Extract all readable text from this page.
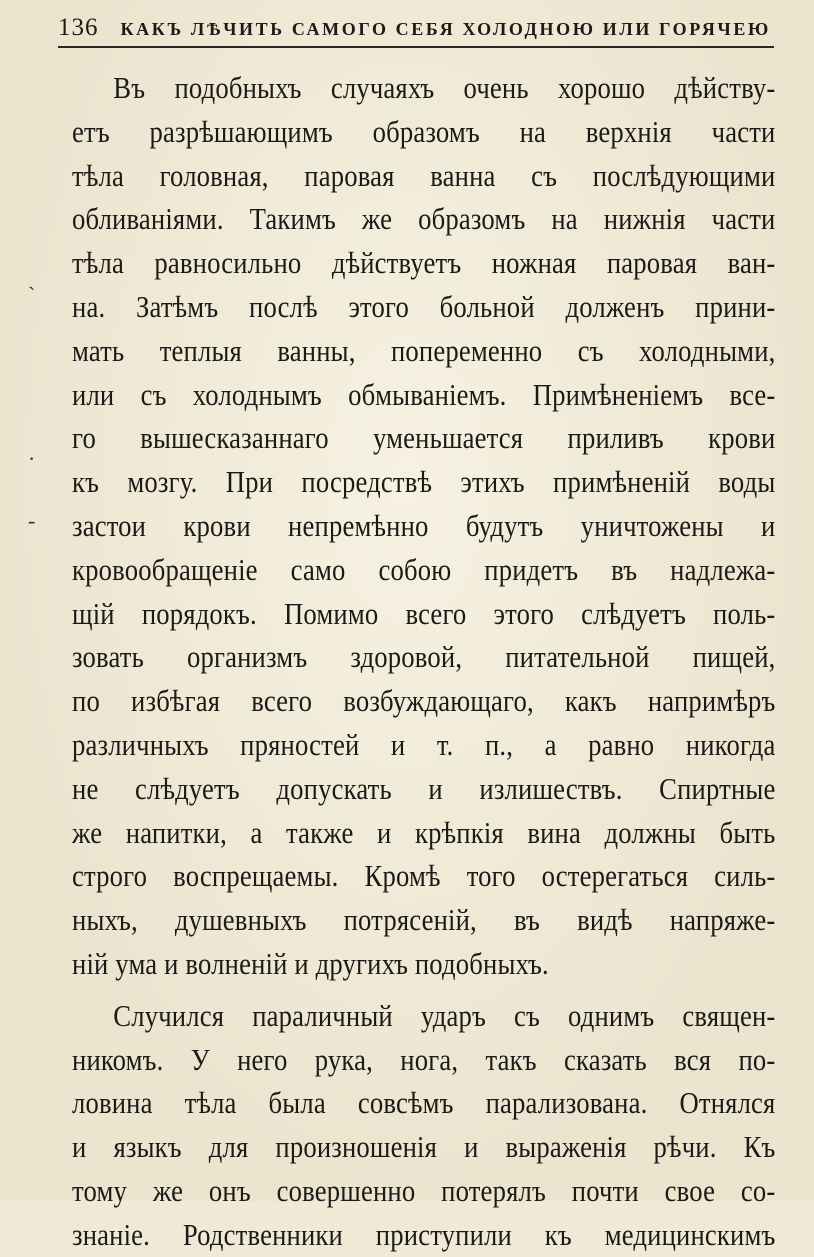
136 КАКЪ ЛѢЧИТЬ САМОГО СЕБЯ ХОЛОДНОЮ ИЛИ ГОРЯЧЕЮ
ˋ
·
-
Въ подобныхъ случаяхъ очень хорошо дѣйству-
етъ разрѣшающимъ образомъ на верхнія части
тѣла головная, паровая ванна съ послѣдующими
обливаніями. Такимъ же образомъ на нижнія части
тѣла равносильно дѣйствуетъ ножная паровая ван-
на. Затѣмъ послѣ этого больной долженъ прини-
мать теплыя ванны, попеременно съ холодными,
или съ холоднымъ обмываніемъ. Примѣненіемъ все-
го вышесказаннаго уменьшается приливъ крови
къ мозгу. При посредствѣ этихъ примѣненій воды
застои крови непремѣнно будутъ уничтожены и
кровообращеніе само собою придетъ въ надлежа-
щій порядокъ. Помимо всего этого слѣдуетъ поль-
зовать организмъ здоровой, питательной пищей,
по избѣгая всего возбуждающаго, какъ напримѣръ
различныхъ пряностей и т. п., а равно никогда
не слѣдуетъ допускать и излишествъ. Спиртные
же напитки, а также и крѣпкія вина должны быть
строго воспрещаемы. Кромѣ того остерегаться силь-
ныхъ, душевныхъ потрясеній, въ видѣ напряже-
ній ума и волненій и другихъ подобныхъ.
Случился параличный ударъ съ однимъ священ-
никомъ. У него рука, нога, такъ сказать вся по-
ловина тѣла была совсѣмъ парализована. Отнялся
и языкъ для произношенія и выраженія рѣчи. Къ
тому же онъ совершенно потерялъ почти свое со-
знаніе. Родственники приступили къ медицинскимъ
